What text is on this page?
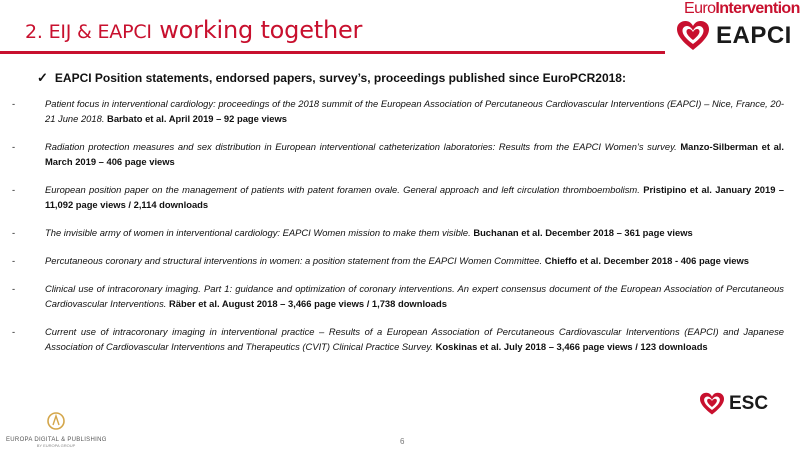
2. EIJ & EAPCI working together
EuroIntervention
EAPCI
✓ EAPCI Position statements, endorsed papers, survey’s, proceedings published since EuroPCR2018:
-	Patient focus in interventional cardiology: proceedings of the 2018 summit of the European Association of Percutaneous Cardiovascular Interventions (EAPCI) – Nice, France, 20-21 June 2018. Barbato et al. April 2019 – 92 page views
-	Radiation protection measures and sex distribution in European interventional catheterization laboratories: Results from the EAPCI Women’s survey. Manzo-Silberman et al. March 2019 – 406 page views
-	European position paper on the management of patients with patent foramen ovale. General approach and left circulation thromboembolism. Pristipino et al. January 2019 – 11,092 page views / 2,114 downloads
-	The invisible army of women in interventional cardiology: EAPCI Women mission to make them visible. Buchanan et al. December 2018 – 361 page views
-	Percutaneous coronary and structural interventions in women: a position statement from the EAPCI Women Committee. Chieffo et al. December 2018 - 406 page views
-	Clinical use of intracoronary imaging. Part 1: guidance and optimization of coronary interventions. An expert consensus document of the European Association of Percutaneous Cardiovascular Interventions. Räber et al. August 2018 – 3,466 page views / 1,738 downloads
-	Current use of intracoronary imaging in interventional practice – Results of a European Association of Percutaneous Cardiovascular Interventions (EAPCI) and Japanese Association of Cardiovascular Interventions and Therapeutics (CVIT) Clinical Practice Survey. Koskinas et al. July 2018 – 3,466 page views / 123 downloads
EUROPA DIGITAL & PUBLISHING
BY EUROPA GROUP	6
ESC
